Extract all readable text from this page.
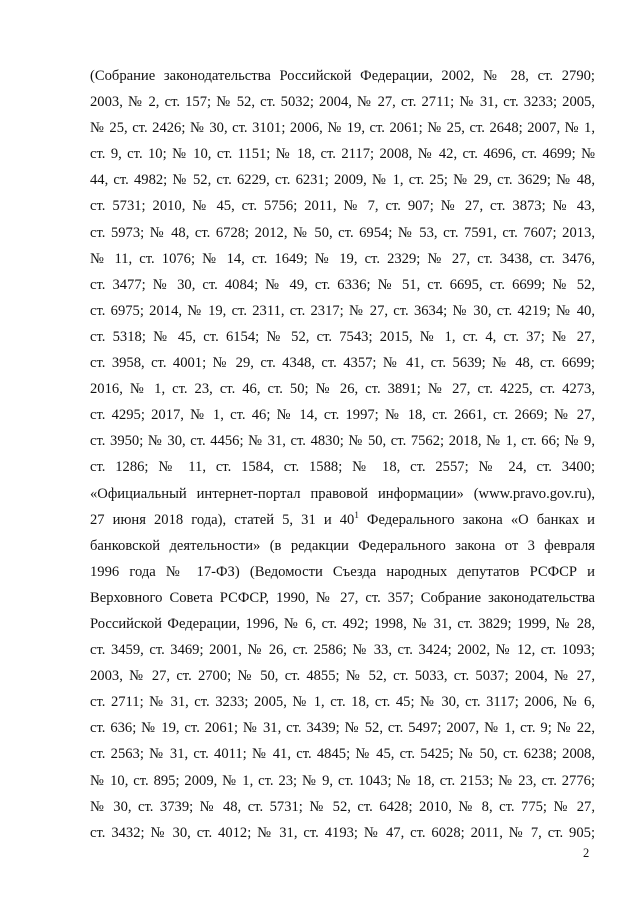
(Собрание законодательства Российской Федерации, 2002, № 28, ст. 2790;
2003, № 2, ст. 157; № 52, ст. 5032; 2004, № 27, ст. 2711; № 31, ст. 3233; 2005,
№ 25, ст. 2426; № 30, ст. 3101; 2006, № 19, ст. 2061; № 25, ст. 2648; 2007, № 1,
ст. 9, ст. 10; № 10, ст. 1151; № 18, ст. 2117; 2008, № 42, ст. 4696, ст. 4699; №
44, ст. 4982; № 52, ст. 6229, ст. 6231; 2009, № 1, ст. 25; № 29, ст. 3629; № 48,
ст. 5731; 2010, № 45, ст. 5756; 2011, № 7, ст. 907; № 27, ст. 3873; № 43,
ст. 5973; № 48, ст. 6728; 2012, № 50, ст. 6954; № 53, ст. 7591, ст. 7607; 2013,
№ 11, ст. 1076; № 14, ст. 1649; № 19, ст. 2329; № 27, ст. 3438, ст. 3476,
ст. 3477; № 30, ст. 4084; № 49, ст. 6336; № 51, ст. 6695, ст. 6699; № 52,
ст. 6975; 2014, № 19, ст. 2311, ст. 2317; № 27, ст. 3634; № 30, ст. 4219; № 40,
ст. 5318; № 45, ст. 6154; № 52, ст. 7543; 2015, № 1, ст. 4, ст. 37; № 27,
ст. 3958, ст. 4001; № 29, ст. 4348, ст. 4357; № 41, ст. 5639; № 48, ст. 6699;
2016, № 1, ст. 23, ст. 46, ст. 50; № 26, ст. 3891; № 27, ст. 4225, ст. 4273,
ст. 4295; 2017, № 1, ст. 46; № 14, ст. 1997; № 18, ст. 2661, ст. 2669; № 27,
ст. 3950; № 30, ст. 4456; № 31, ст. 4830; № 50, ст. 7562; 2018, № 1, ст. 66; № 9,
ст. 1286; № 11, ст. 1584, ст. 1588; № 18, ст. 2557; № 24, ст. 3400;
«Официальный интернет-портал правовой информации» (www.pravo.gov.ru),
27 июня 2018 года), статей 5, 31 и $40^1$ Федерального закона «О банках и
банковской деятельности» (в редакции Федерального закона от 3 февраля
1996 года № 17-ФЗ) (Ведомости Съезда народных депутатов РСФСР и
Верховного Совета РСФСР, 1990, № 27, ст. 357; Собрание законодательства
Российской Федерации, 1996, № 6, ст. 492; 1998, № 31, ст. 3829; 1999, № 28,
ст. 3459, ст. 3469; 2001, № 26, ст. 2586; № 33, ст. 3424; 2002, № 12, ст. 1093;
2003, № 27, ст. 2700; № 50, ст. 4855; № 52, ст. 5033, ст. 5037; 2004, № 27,
ст. 2711; № 31, ст. 3233; 2005, № 1, ст. 18, ст. 45; № 30, ст. 3117; 2006, № 6,
ст. 636; № 19, ст. 2061; № 31, ст. 3439; № 52, ст. 5497; 2007, № 1, ст. 9; № 22,
ст. 2563; № 31, ст. 4011; № 41, ст. 4845; № 45, ст. 5425; № 50, ст. 6238; 2008,
№ 10, ст. 895; 2009, № 1, ст. 23; № 9, ст. 1043; № 18, ст. 2153; № 23, ст. 2776;
№ 30, ст. 3739; № 48, ст. 5731; № 52, ст. 6428; 2010, № 8, ст. 775; № 27,
ст. 3432; № 30, ст. 4012; № 31, ст. 4193; № 47, ст. 6028; 2011, № 7, ст. 905;
2
